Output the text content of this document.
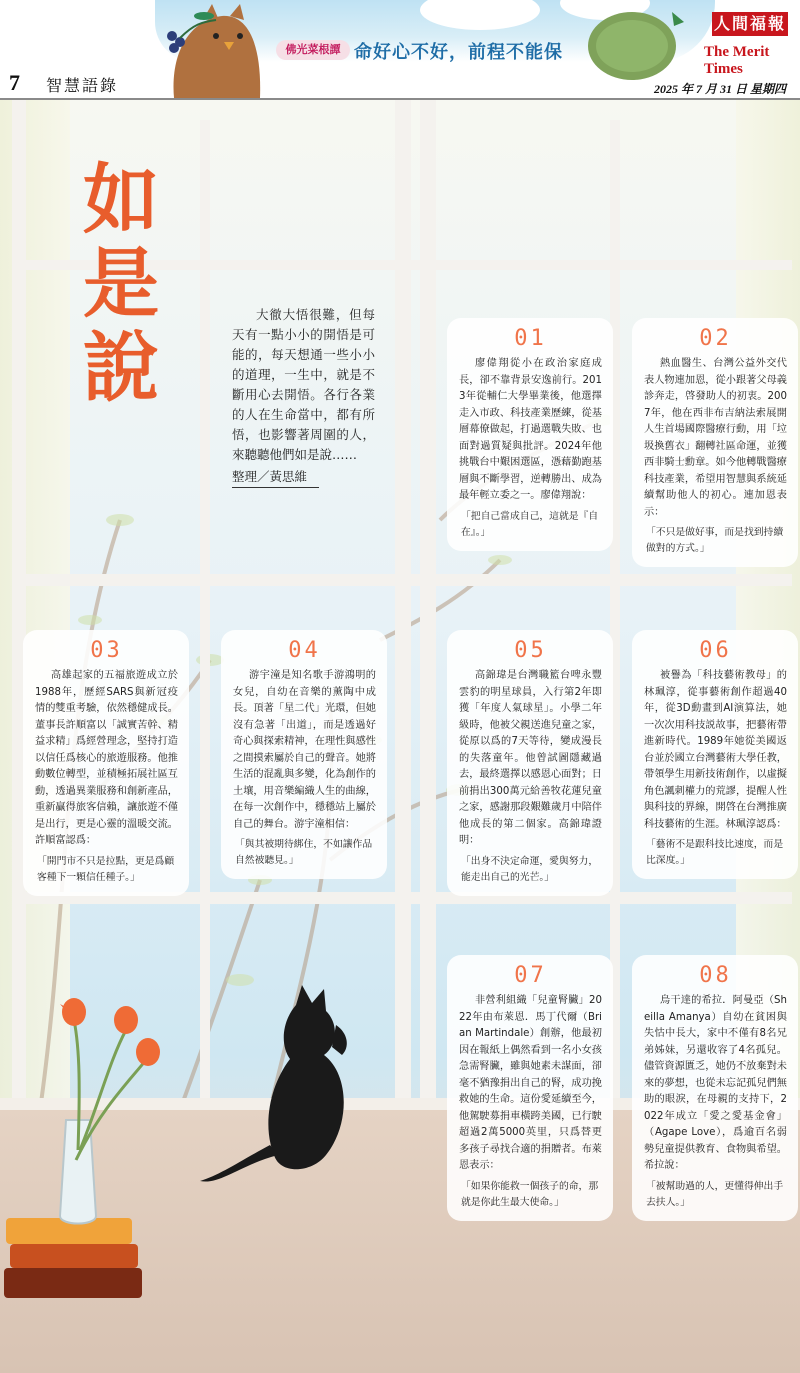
佛光菜根譚 命好心不好，前程不能保
人間福報
The Merit Times
7 智慧語錄	2025 年 7 月 31 日 星期四
如是說
大徹大悟很難，但每天有一點小小的開悟是可能的，每天想通一些小小的道理，一生中，就是不斷用心去開悟。各行各業的人在生命當中，都有所悟，也影響著周圍的人，來聽聽他們如是說……
整理／黃思維
01
廖偉翔從小在政治家庭成長，卻不靠背景安逸前行。2013年從輔仁大學畢業後，他選擇走入市政、科技產業歷練，從基層幕僚做起，打過選戰失敗、也面對過質疑與批評。2024年他挑戰台中艱困選區，憑藉勤跑基層與不斷學習，逆轉勝出、成為最年輕立委之一。廖偉翔說：
「把自己當成自己，這就是『自在』。」
02
熱血醫生、台灣公益外交代表人物連加恩，從小跟著父母義診奔走，啓發助人的初衷。2007年，他在西非布吉納法索展開人生首場國際醫療行動，用「垃圾換舊衣」翻轉社區命運，並獲西非騎士勳章。如今他轉戰醫療科技產業，希望用智慧與系統延續幫助他人的初心。連加恩表示：
「不只是做好事，而是找到持續做對的方式。」
03
高雄起家的五福旅遊成立於1988年，歷經SARS與新冠疫情的雙重考驗，依然穩健成長。董事長許順富以「誠實苦幹、精益求精」爲經營理念，堅持打造以信任爲核心的旅遊服務。他推動數位轉型，並積極拓展社區互動，透過異業服務和創新產品，重新贏得旅客信賴，讓旅遊不僅是出行，更是心靈的溫暖交流。許順富認爲：
「開門市不只是拉點，更是爲顧客種下一顆信任種子。」
04
游宇潼是知名歌手游鴻明的女兒，自幼在音樂的薰陶中成長。頂著「星二代」光環，但她沒有急著「出道」，而是透過好奇心與探索精神，在理性與感性之間摸索屬於自己的聲音。她將生活的混亂與多變，化為創作的土壤，用音樂編織人生的曲線，在每一次創作中，穩穩站上屬於自己的舞台。游宇潼相信：
「與其被期待綁住，不如讓作品自然被聽見。」
05
高錦瑋是台灣職籃台啤永豐雲豹的明星球員，入行第2年即獲「年度人氣球星」。小學二年級時，他被父親送進兒童之家，從原以爲的7天等待，變成漫長的失落童年。他曾試圖隱藏過去，最終選擇以感恩心面對；日前捐出300萬元給善牧花蓮兒童之家，感謝那段艱難歲月中陪伴他成長的第二個家。高錦瑋證明：
「出身不決定命運，愛與努力，能走出自己的光芒。」
06
被譽為「科技藝術教母」的林珮淳，從事藝術創作超過40年，從3D動畫到AI演算法，她一次次用科技説故事，把藝術帶進新時代。1989年她從美國返台並於國立台灣藝術大學任教，帶領學生用新技術創作，以虛擬角色諷刺權力的荒謬，提醒人性與科技的界線，開啓在台灣推廣科技藝術的生涯。林珮淳認爲：
「藝術不是跟科技比速度，而是比深度。」
07
非營利組織「兒童腎臟」2022年由布萊恩．馬丁代爾（Brian Martindale）創辦，他最初因在報紙上偶然看到一名小女孩急需腎臟，雖與她素未謀面，卻毫不猶豫捐出自己的腎，成功挽救她的生命。這份愛延續至今，他駕駛募捐車橫跨美國，已行駛超過2萬5000英里，只爲替更多孩子尋找合適的捐贈者。布萊恩表示：
「如果你能救一個孩子的命，那就是你此生最大使命。」
08
烏干達的希拉．阿曼亞（Sheilla Amanya）自幼在貧困與失怙中長大，家中不僅有8名兄弟姊妹，另還收容了4名孤兒。儘管資源匱乏，她仍不放棄對未來的夢想，也從未忘記孤兒們無助的眼淚，在母親的支持下，2022年成立「愛之愛基金會」（Agape Love），爲逾百名弱勢兒童提供教育、食物與希望。希拉說：
「被幫助過的人，更懂得伸出手去扶人。」
